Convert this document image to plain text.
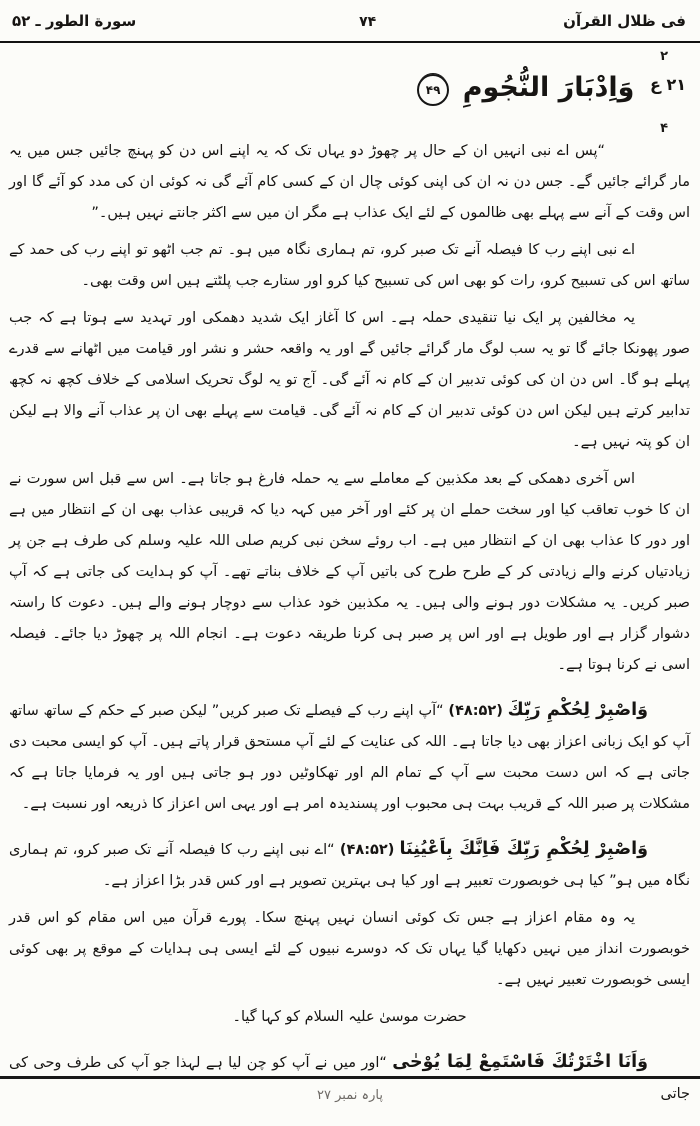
فی ظلال القرآن
۷۴
سورة الطور ـ ۵۲
۲
۴
۲۱ ع وَاِدْبَارَ النُّجُومِ ۴۹

“پس اے نبی انہیں ان کے حال پر چھوڑ دو یہاں تک کہ یہ اپنے اس دن کو پہنچ جائیں جس میں یہ مار گرائے جائیں گے۔ جس دن نہ ان کی اپنی کوئی چال ان کے کسی کام آئے گی نہ کوئی ان کی مدد کو آئے گا اور اس وقت کے آنے سے پہلے بھی ظالموں کے لئے ایک عذاب ہے مگر ان میں سے اکثر جانتے نہیں ہیں۔”

اے نبی اپنے رب کا فیصلہ آنے تک صبر کرو، تم ہماری نگاہ میں ہو۔ تم جب اٹھو تو اپنے رب کی حمد کے ساتھ اس کی تسبیح کرو، رات کو بھی اس کی تسبیح کیا کرو اور ستارے جب پلٹتے ہیں اس وقت بھی۔

یہ مخالفین پر ایک نیا تنقیدی حملہ ہے۔ اس کا آغاز ایک شدید دھمکی اور تہدید سے ہوتا ہے کہ جب صور پھونکا جائے گا تو یہ سب لوگ مار گرائے جائیں گے اور یہ واقعہ حشر و نشر اور قیامت میں اٹھانے سے قدرے پہلے ہو گا۔ اس دن ان کی کوئی تدبیر ان کے کام نہ آئے گی۔ آج تو یہ لوگ تحریک اسلامی کے خلاف کچھ نہ کچھ تدابیر کرتے ہیں لیکن اس دن کوئی تدبیر ان کے کام نہ آئے گی۔ قیامت سے پہلے بھی ان پر عذاب آنے والا ہے لیکن ان کو پتہ نہیں ہے۔

اس آخری دھمکی کے بعد مکذبین کے معاملے سے یہ حملہ فارغ ہو جاتا ہے۔ اس سے قبل اس سورت نے ان کا خوب تعاقب کیا اور سخت حملے ان پر کئے اور آخر میں کہہ دیا کہ قریبی عذاب بھی ان کے انتظار میں ہے اور دور کا عذاب بھی ان کے انتظار میں ہے۔ اب روئے سخن نبی کریم صلی اللہ علیہ وسلم کی طرف ہے جن پر زیادتیاں کرنے والے زیادتی کر کے طرح طرح کی باتیں آپ کے خلاف بناتے تھے۔ آپ کو ہدایت کی جاتی ہے کہ آپ صبر کریں۔ یہ مشکلات دور ہونے والی ہیں۔ یہ مکذبین خود عذاب سے دوچار ہونے والے ہیں۔ دعوت کا راستہ دشوار گزار ہے اور طویل ہے اور اس پر صبر ہی کرنا طریقہ دعوت ہے۔ انجام اللہ پر چھوڑ دیا جائے۔ فیصلہ اسی نے کرنا ہوتا ہے۔

وَاصْبِرْ لِحُكْمِ رَبِّكَ (۴۸:۵۲) “آپ اپنے رب کے فیصلے تک صبر کریں” لیکن صبر کے حکم کے ساتھ ساتھ آپ کو ایک زبانی اعزاز بھی دیا جاتا ہے۔ اللہ کی عنایت کے لئے آپ مستحق قرار پاتے ہیں۔ آپ کو ایسی محبت دی جاتی ہے کہ اس دست محبت سے آپ کے تمام الم اور تھکاوٹیں دور ہو جاتی ہیں اور یہ فرمایا جاتا ہے کہ مشکلات پر صبر اللہ کے قریب بہت ہی محبوب اور پسندیدہ امر ہے اور یہی اس اعزاز کا ذریعہ اور نسبت ہے۔

وَاصْبِرْ لِحُكْمِ رَبِّكَ فَاِنَّكَ بِاَعْيُنِنَا (۴۸:۵۲) “اے نبی اپنے رب کا فیصلہ آنے تک صبر کرو، تم ہماری نگاہ میں ہو” کیا ہی خوبصورت تعبیر ہے اور کیا ہی بہترین تصویر ہے اور کس قدر بڑا اعزاز ہے۔

یہ وہ مقام اعزاز ہے جس تک کوئی انسان نہیں پہنچ سکا۔ پورے قرآن میں اس مقام کو اس قدر خوبصورت انداز میں نہیں دکھایا گیا یہاں تک کہ دوسرے نبیوں کے لئے ایسی ہی ہدایات کے موقع پر بھی کوئی ایسی خوبصورت تعبیر نہیں ہے۔

حضرت موسیٰ علیہ السلام کو کہا گیا۔

وَاَنَا اخْتَرْتُكَ فَاسْتَمِعْ لِمَا يُوْحٰى “اور میں نے آپ کو چن لیا ہے لہذا جو آپ کی طرف وحی کی جاتی

پارہ نمبر ۲۷
